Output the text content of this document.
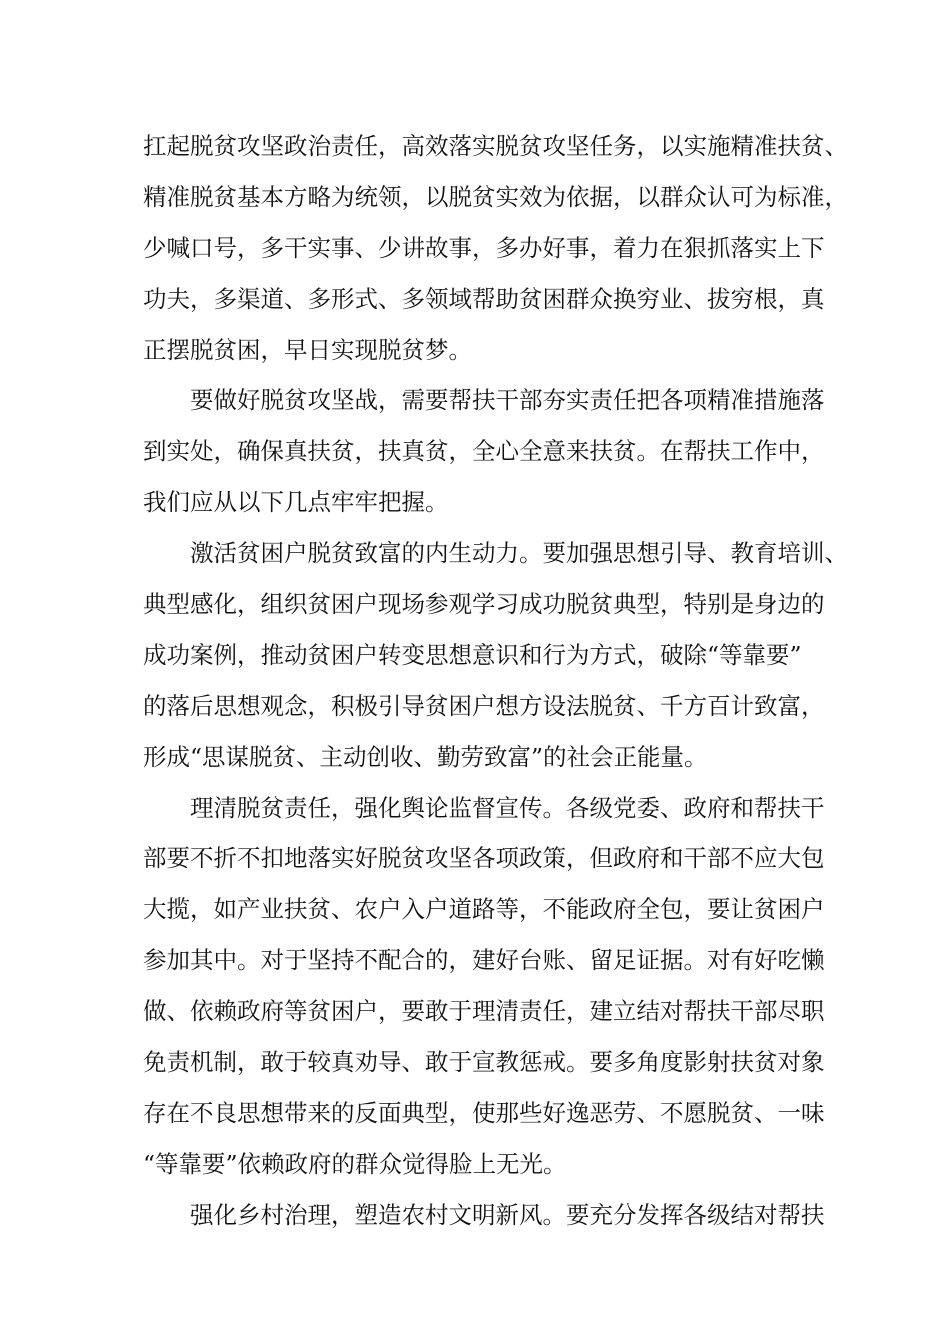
扛起脱贫攻坚政治责任，高效落实脱贫攻坚任务，以实施精准扶贫、
精准脱贫基本方略为统领，以脱贫实效为依据，以群众认可为标准，
少喊口号，多干实事、少讲故事，多办好事，着力在狠抓落实上下
功夫，多渠道、多形式、多领域帮助贫困群众换穷业、拔穷根，真
正摆脱贫困，早日实现脱贫梦。
要做好脱贫攻坚战，需要帮扶干部夯实责任把各项精准措施落
到实处，确保真扶贫，扶真贫，全心全意来扶贫。在帮扶工作中，
我们应从以下几点牢牢把握。
激活贫困户脱贫致富的内生动力。要加强思想引导、教育培训、
典型感化，组织贫困户现场参观学习成功脱贫典型，特别是身边的
成功案例，推动贫困户转变思想意识和行为方式，破除“等靠要”
的落后思想观念，积极引导贫困户想方设法脱贫、千方百计致富，
形成“思谋脱贫、主动创收、勤劳致富”的社会正能量。
理清脱贫责任，强化舆论监督宣传。各级党委、政府和帮扶干
部要不折不扣地落实好脱贫攻坚各项政策，但政府和干部不应大包
大揽，如产业扶贫、农户入户道路等，不能政府全包，要让贫困户
参加其中。对于坚持不配合的，建好台账、留足证据。对有好吃懒
做、依赖政府等贫困户，要敢于理清责任，建立结对帮扶干部尽职
免责机制，敢于较真劝导、敢于宣教惩戒。要多角度影射扶贫对象
存在不良思想带来的反面典型，使那些好逸恶劳、不愿脱贫、一味
“等靠要”依赖政府的群众觉得脸上无光。
强化乡村治理，塑造农村文明新风。要充分发挥各级结对帮扶
